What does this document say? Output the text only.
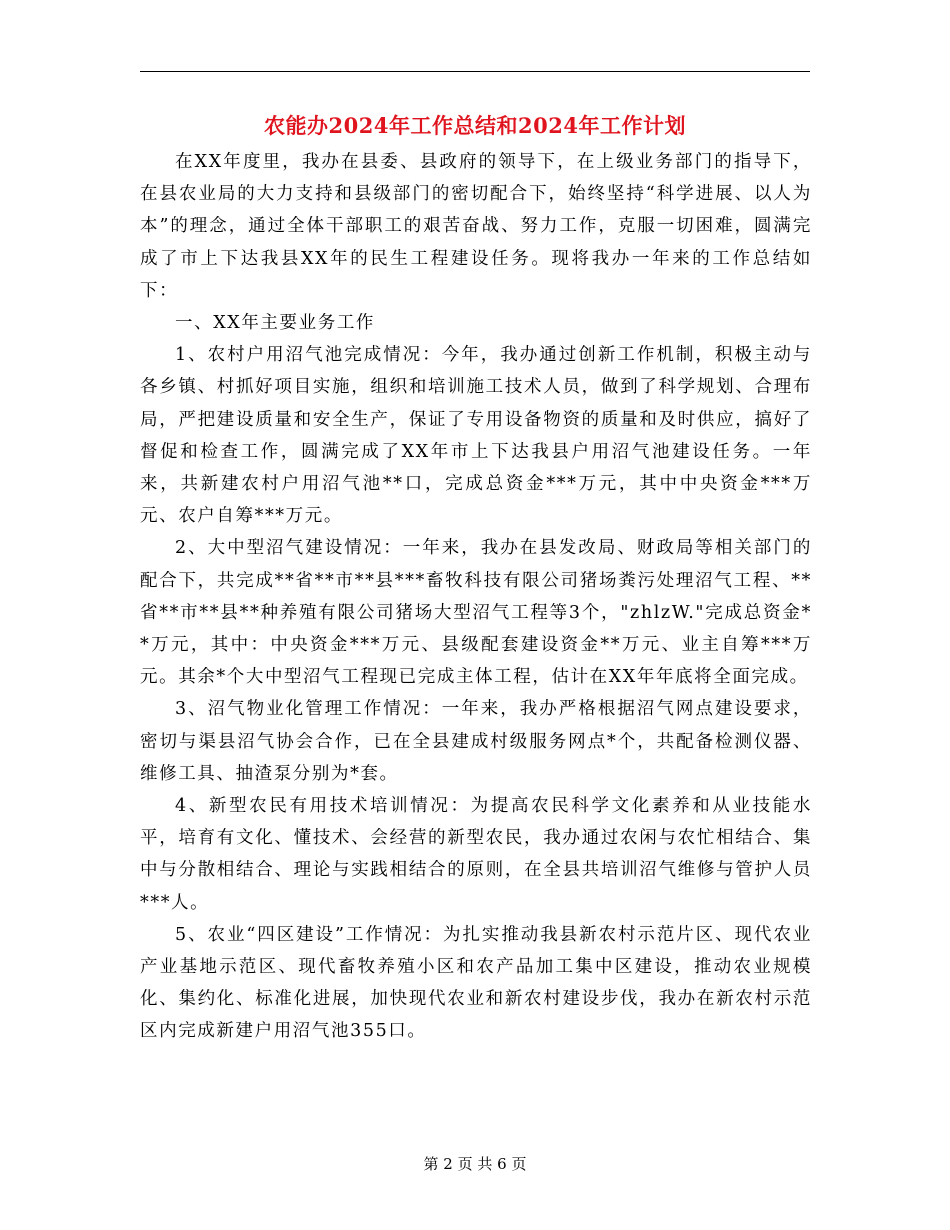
农能办2024年工作总结和2024年工作计划

在XX年度里，我办在县委、县政府的领导下，在上级业务部门的指导下，在县农业局的大力支持和县级部门的密切配合下，始终坚持“科学进展、以人为本”的理念，通过全体干部职工的艰苦奋战、努力工作，克服一切困难，圆满完成了市上下达我县XX年的民生工程建设任务。现将我办一年来的工作总结如下：

一、XX年主要业务工作

1、农村户用沼气池完成情况：今年，我办通过创新工作机制，积极主动与各乡镇、村抓好项目实施，组织和培训施工技术人员，做到了科学规划、合理布局，严把建设质量和安全生产，保证了专用设备物资的质量和及时供应，搞好了督促和检查工作，圆满完成了XX年市上下达我县户用沼气池建设任务。一年来，共新建农村户用沼气池**口，完成总资金***万元，其中中央资金***万元、农户自筹***万元。

2、大中型沼气建设情况：一年来，我办在县发改局、财政局等相关部门的配合下，共完成**省**市**县***畜牧科技有限公司猪场粪污处理沼气工程、**省**市**县**种养殖有限公司猪场大型沼气工程等3个，"zhlzW."完成总资金**万元，其中：中央资金***万元、县级配套建设资金**万元、业主自筹***万元。其余*个大中型沼气工程现已完成主体工程，估计在XX年年底将全面完成。

3、沼气物业化管理工作情况：一年来，我办严格根据沼气网点建设要求，密切与渠县沼气协会合作，已在全县建成村级服务网点*个，共配备检测仪器、维修工具、抽渣泵分别为*套。

4、新型农民有用技术培训情况：为提高农民科学文化素养和从业技能水平，培育有文化、懂技术、会经营的新型农民，我办通过农闲与农忙相结合、集中与分散相结合、理论与实践相结合的原则，在全县共培训沼气维修与管护人员***人。

5、农业“四区建设”工作情况：为扎实推动我县新农村示范片区、现代农业产业基地示范区、现代畜牧养殖小区和农产品加工集中区建设，推动农业规模化、集约化、标准化进展，加快现代农业和新农村建设步伐，我办在新农村示范区内完成新建户用沼气池355口。

第 2 页 共 6 页
